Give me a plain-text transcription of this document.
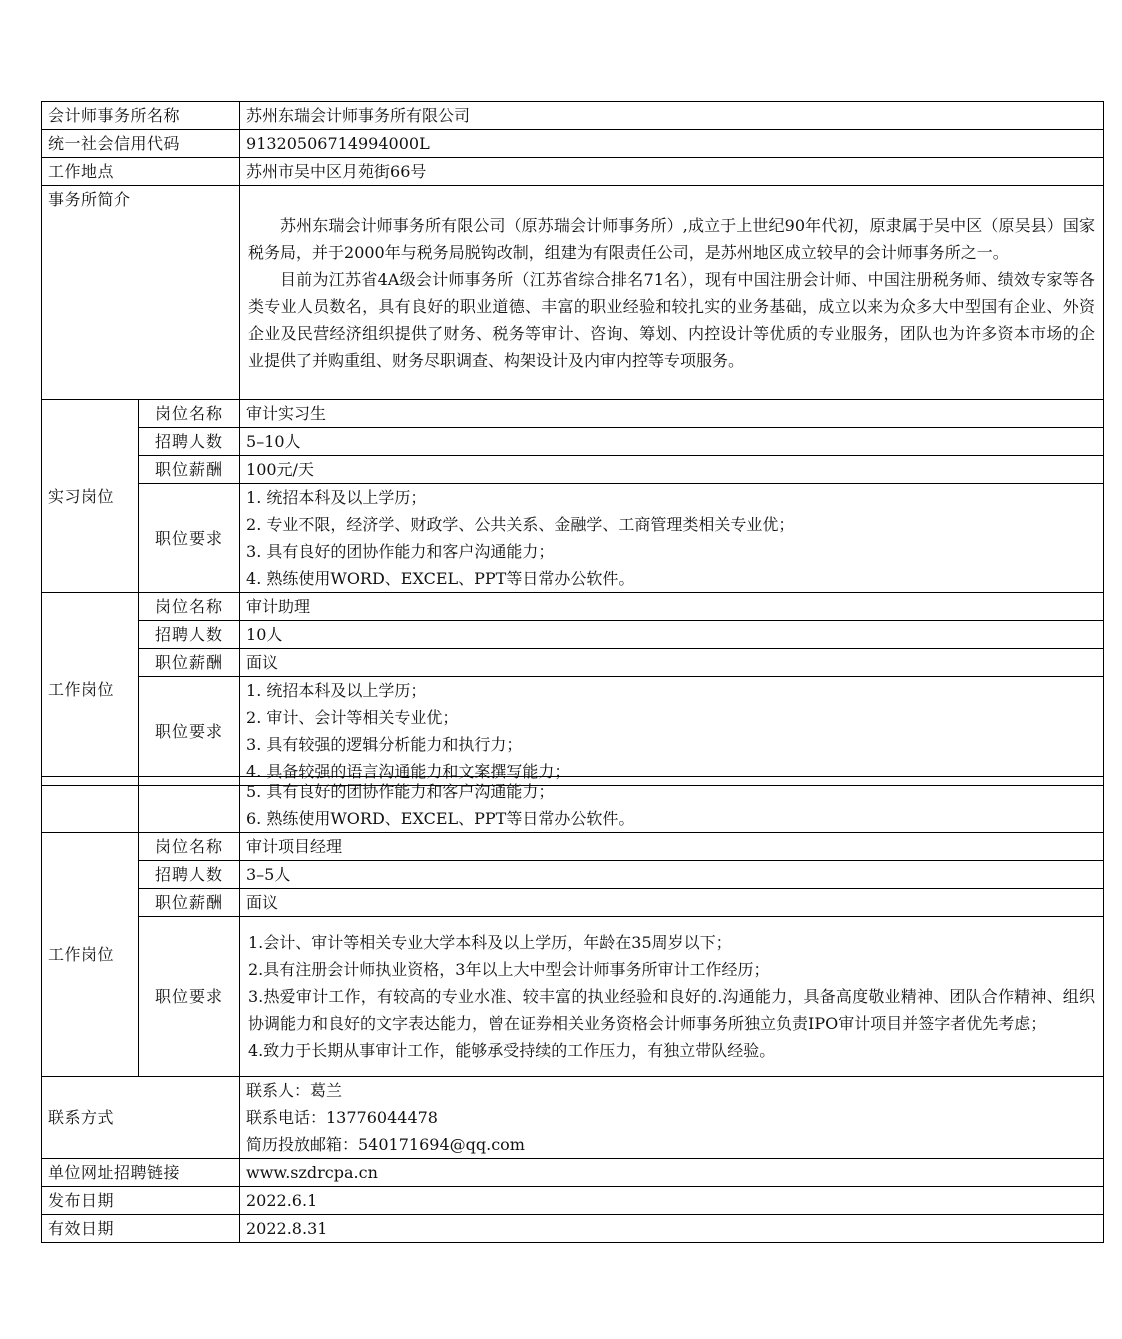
会计师事务所名称		苏州东瑞会计师事务所有限公司
统一社会信用代码		91320506714994000L
工作地点		苏州市吴中区月苑街66号
事务所简介		苏州东瑞会计师事务所有限公司（原苏瑞会计师事务所）,成立于上世纪90年代初，原隶属于吴中区（原吴县）国家税务局，并于2000年与税务局脱钩改制，组建为有限责任公司，是苏州地区成立较早的会计师事务所之一。

目前为江苏省4A级会计师事务所（江苏省综合排名71名），现有中国注册会计师、中国注册税务师、绩效专家等各类专业人员数名，具有良好的职业道德、丰富的职业经验和较扎实的业务基础，成立以来为众多大中型国有企业、外资企业及民营经济组织提供了财务、税务等审计、咨询、筹划、内控设计等优质的专业服务，团队也为许多资本市场的企业提供了并购重组、财务尽职调查、构架设计及内审内控等专项服务。

实习岗位	岗位名称	审计实习生
	招聘人数	5–10人
	职位薪酬	100元/天
	职位要求	1. 统招本科及以上学历；
2. 专业不限，经济学、财政学、公共关系、金融学、工商管理类相关专业优；
3. 具有良好的团协作能力和客户沟通能力；
4. 熟练使用WORD、EXCEL、PPT等日常办公软件。

工作岗位	岗位名称	审计助理
	招聘人数	10人
	职位薪酬	面议
	职位要求	1. 统招本科及以上学历；
2. 审计、会计等相关专业优；
3. 具有较强的逻辑分析能力和执行力；
4. 具备较强的语言沟通能力和文案撰写能力；

		5. 具有良好的团协作能力和客户沟通能力；
6. 熟练使用WORD、EXCEL、PPT等日常办公软件。

工作岗位	岗位名称	审计项目经理
	招聘人数	3–5人
	职位薪酬	面议
	职位要求	1.会计、审计等相关专业大学本科及以上学历，年龄在35周岁以下；
2.具有注册会计师执业资格，3年以上大中型会计师事务所审计工作经历；
3.热爱审计工作，有较高的专业水准、较丰富的执业经验和良好的.沟通能力，具备高度敬业精神、团队合作精神、组织协调能力和良好的文字表达能力，曾在证券相关业务资格会计师事务所独立负责IPO审计项目并签字者优先考虑；
4.致力于长期从事审计工作，能够承受持续的工作压力，有独立带队经验。

联系方式		联系人：葛兰
联系电话：13776044478
简历投放邮箱：540171694@qq.com

单位网址招聘链接		www.szdrcpa.cn
发布日期		2022.6.1
有效日期		2022.8.31
